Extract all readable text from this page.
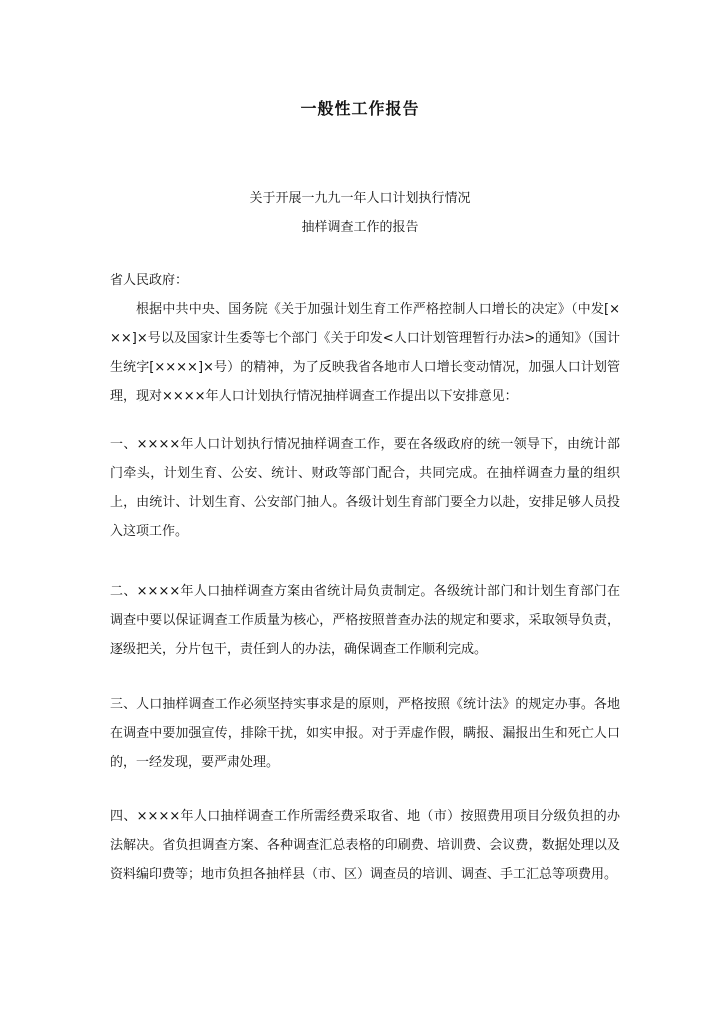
一般性工作报告
关于开展一九九一年人口计划执行情况
抽样调查工作的报告
省人民政府：
根据中共中央、国务院《关于加强计划生育工作严格控制人口增长的决定》（中发[×××]×号以及国家计生委等七个部门《关于印发<人口计划管理暂行办法>的通知》（国计生统字[××××]×号）的精神，为了反映我省各地市人口增长变动情况，加强人口计划管理，现对××××年人口计划执行情况抽样调查工作提出以下安排意见：
一、××××年人口计划执行情况抽样调查工作，要在各级政府的统一领导下，由统计部门牵头，计划生育、公安、统计、财政等部门配合，共同完成。在抽样调查力量的组织上，由统计、计划生育、公安部门抽人。各级计划生育部门要全力以赴，安排足够人员投入这项工作。
二、××××年人口抽样调查方案由省统计局负责制定。各级统计部门和计划生育部门在调查中要以保证调查工作质量为核心，严格按照普查办法的规定和要求，采取领导负责，逐级把关，分片包干，责任到人的办法，确保调查工作顺利完成。
三、人口抽样调查工作必须坚持实事求是的原则，严格按照《统计法》的规定办事。各地在调查中要加强宣传，排除干扰，如实申报。对于弄虚作假，瞒报、漏报出生和死亡人口的，一经发现，要严肃处理。
四、××××年人口抽样调查工作所需经费采取省、地（市）按照费用项目分级负担的办法解决。省负担调查方案、各种调查汇总表格的印刷费、培训费、会议费，数据处理以及资料编印费等；地市负担各抽样县（市、区）调查员的培训、调查、手工汇总等项费用。
